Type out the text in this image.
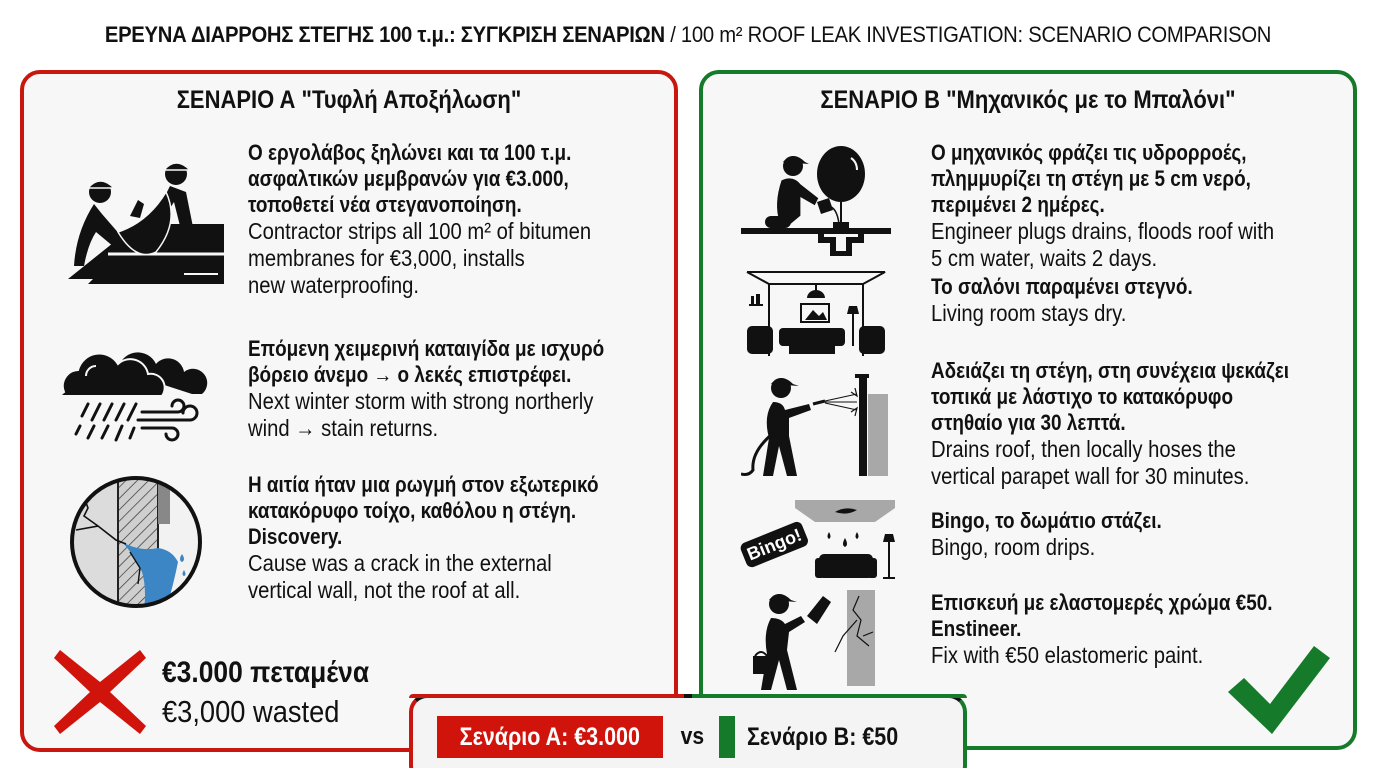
ΕΡΕΥΝΑ ΔΙΑΡΡΟΗΣ ΣΤΕΓΗΣ 100 τ.μ.: ΣΥΓΚΡΙΣΗ ΣΕΝΑΡΙΩΝ / 100 m² ROOF LEAK INVESTIGATION: SCENARIO COMPARISON
ΣΕΝΑΡΙΟ Α "Τυφλή Αποξήλωση"
Ο εργολάβος ξηλώνει και τα 100 τ.μ.
ασφαλτικών μεμβρανών για €3.000,
τοποθετεί νέα στεγανοποίηση.
Contractor strips all 100 m² of bitumen
membranes for €3,000, installs
new waterproofing.
Επόμενη χειμερινή καταιγίδα με ισχυρό
βόρειο άνεμο → ο λεκές επιστρέφει.
Next winter storm with strong northerly
wind → stain returns.
Η αιτία ήταν μια ρωγμή στον εξωτερικό
κατακόρυφο τοίχο, καθόλου η στέγη.
Discovery.
Cause was a crack in the external
vertical wall, not the roof at all.
€3.000 πεταμένα
€3,000 wasted
ΣΕΝΑΡΙΟ Β "Μηχανικός με το Μπαλόνι"
Ο μηχανικός φράζει τις υδρορροές,
πλημμυρίζει τη στέγη με 5 cm νερό,
περιμένει 2 ημέρες.
Engineer plugs drains, floods roof with
5 cm water, waits 2 days.
Το σαλόνι παραμένει στεγνό.
Living room stays dry.
Αδειάζει τη στέγη, στη συνέχεια ψεκάζει
τοπικά με λάστιχο το κατακόρυφο
στηθαίο για 30 λεπτά.
Drains roof, then locally hoses the
vertical parapet wall for 30 minutes.
Bingo!
Bingo, το δωμάτιο στάζει.
Bingo, room drips.
Επισκευή με ελαστομερές χρώμα €50.
Enstineer.
Fix with €50 elastomeric paint.
Σενάριο Α: €3.000	vs Σενάριο Β: €50
